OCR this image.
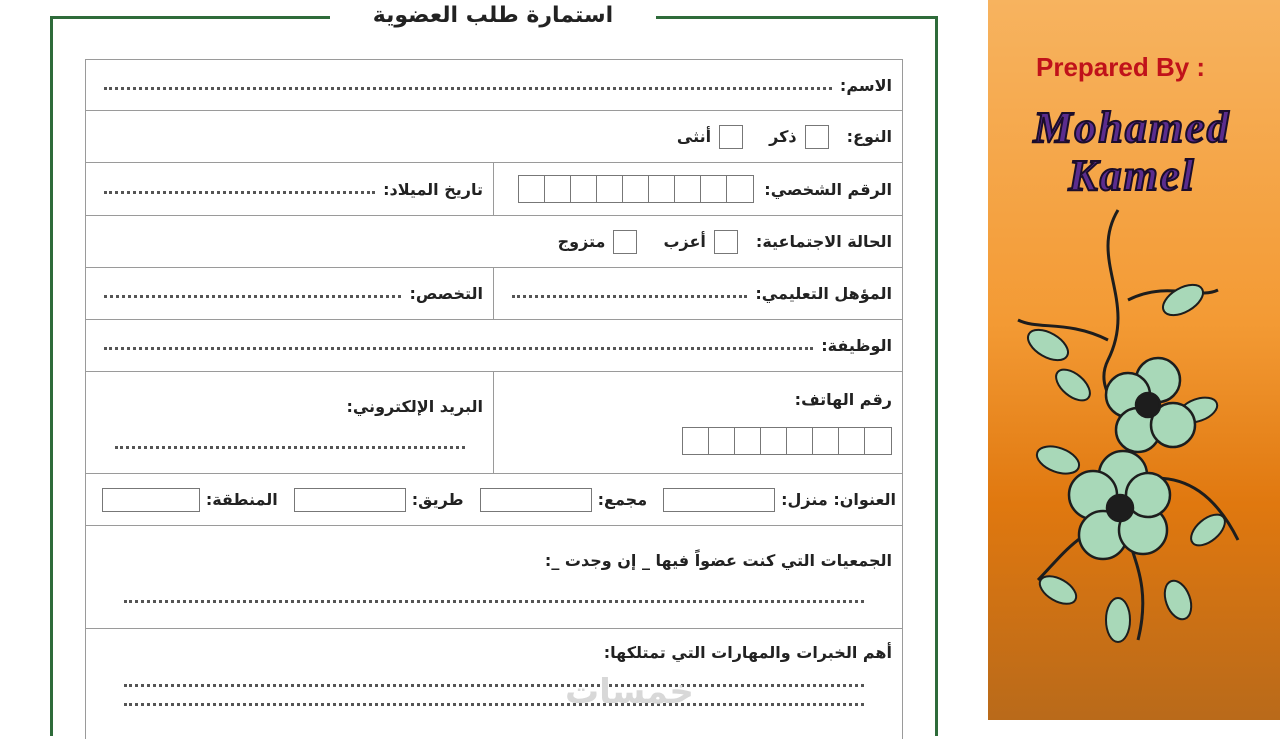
استمارة طلب العضوية
الاسم:
النوع:
ذكر
أنثى
الرقم الشخصي:
تاريخ الميلاد:
الحالة الاجتماعية:
أعزب
متزوج
المؤهل التعليمي:
التخصص:
الوظيفة:
رقم الهاتف:
البريد الإلكتروني:
العنوان: منزل:
مجمع:
طريق:
المنطقة:
الجمعيات التي كنت عضواً فيها _ إن وجدت _:
أهم الخبرات والمهارات التي تمتلكها:
خمسات
Prepared By :
Mohamed
Kamel
